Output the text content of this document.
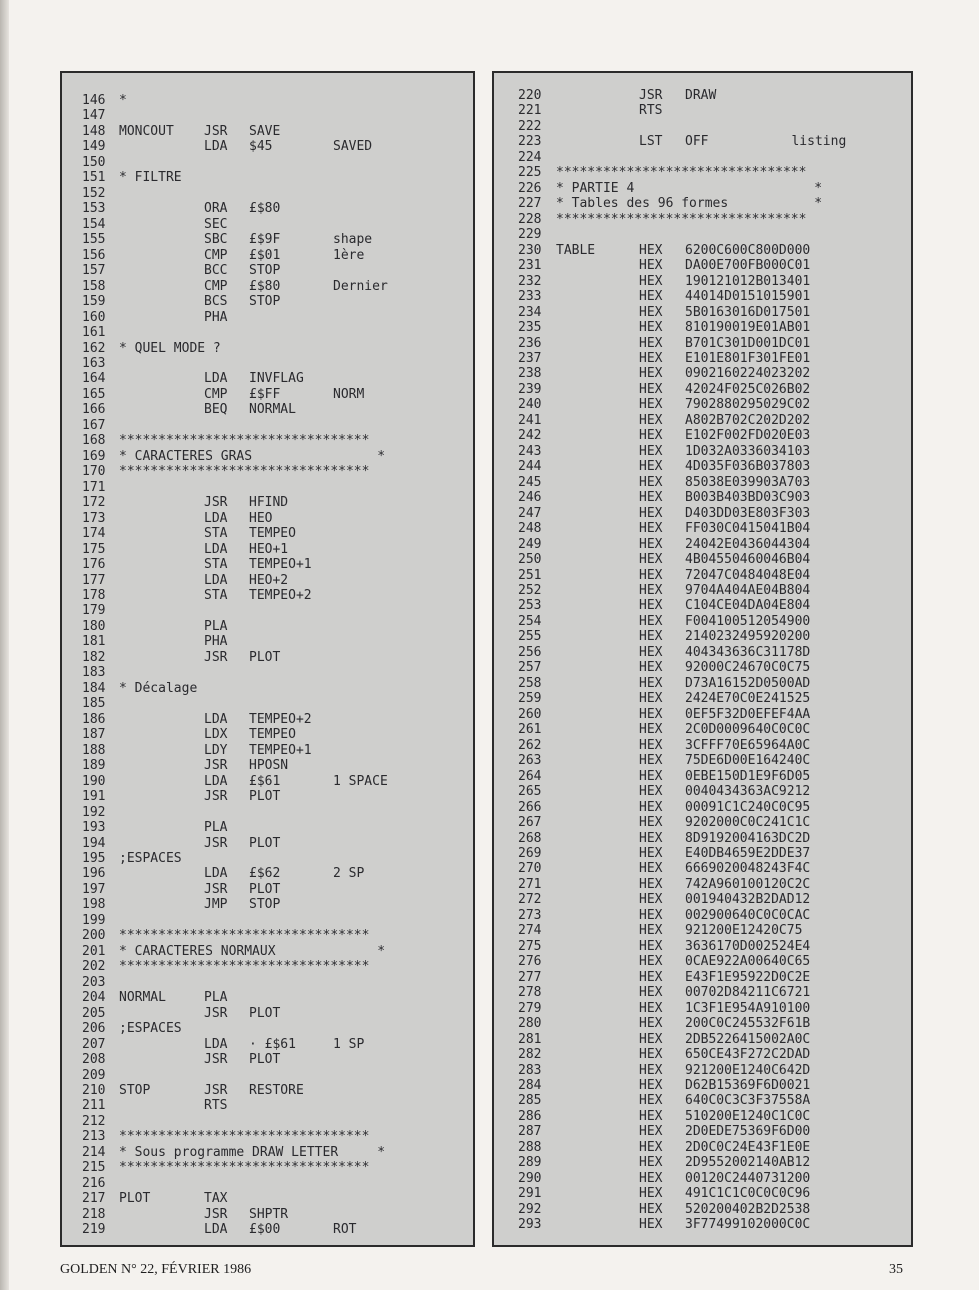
146 *
147
148 MONCOUT JSR SAVE
149	LDA $45	SAVED
150
151 * FILTRE
152
153	ORA £$80
154	SEC
155	SBC £$9F	shape
156	CMP £$01	1ère
157	BCC STOP
158	CMP £$80	Dernier
159	BCS STOP
160	PHA
161
162 * QUEL MODE ?
163
164	LDA INVFLAG
165	CMP £$FF	NORM
166	BEQ NORMAL
167
168 ********************************
169 * CARACTERES GRAS                *
170 ********************************
171
172	JSR HFIND
173	LDA HEO
174	STA TEMPEO
175	LDA HEO+1
176	STA TEMPEO+1
177	LDA HEO+2
178	STA TEMPEO+2
179
180	PLA
181	PHA
182	JSR PLOT
183
184 * Décalage
185
186	LDA TEMPEO+2
187	LDX TEMPEO
188	LDY TEMPEO+1
189	JSR HPOSN
190	LDA £$61	1 SPACE
191	JSR PLOT
192
193	PLA
194	JSR PLOT
195 ;ESPACES
196	LDA £$62	2 SP
197	JSR PLOT
198	JMP STOP
199
200 ********************************
201 * CARACTERES NORMAUX             *
202 ********************************
203
204 NORMAL	PLA
205	JSR PLOT
206 ;ESPACES
207	LDA · £$61	1 SP
208	JSR PLOT
209
210 STOP	JSR RESTORE
211	RTS
212
213 ********************************
214 * Sous programme DRAW LETTER     *
215 ********************************
216
217 PLOT	TAX
218	JSR SHPTR
219	LDA £$00	ROT
220	JSR DRAW
221	RTS
222
223	LST OFF	listing
224
225 ********************************
226 * PARTIE 4                       *
227 * Tables des 96 formes           *
228 ********************************
229
230 TABLE	HEX 6200C600C800D000
231	HEX DA00E700FB000C01
232	HEX 190121012B013401
233	HEX 44014D0151015901
234	HEX 5B0163016D017501
235	HEX 810190019E01AB01
236	HEX B701C301D001DC01
237	HEX E101E801F301FE01
238	HEX 0902160224023202
239	HEX 42024F025C026B02
240	HEX 7902880295029C02
241	HEX A802B702C202D202
242	HEX E102F002FD020E03
243	HEX 1D032A0336034103
244	HEX 4D035F036B037803
245	HEX 85038E039903A703
246	HEX B003B403BD03C903
247	HEX D403DD03E803F303
248	HEX FF030C0415041B04
249	HEX 24042E0436044304
250	HEX 4B04550460046B04
251	HEX 72047C0484048E04
252	HEX 9704A404AE04B804
253	HEX C104CE04DA04E804
254	HEX F004100512054900
255	HEX 2140232495920200
256	HEX 404343636C31178D
257	HEX 92000C24670C0C75
258	HEX D73A16152D0500AD
259	HEX 2424E70C0E241525
260	HEX 0EF5F32D0EFEF4AA
261	HEX 2C0D0009640C0C0C
262	HEX 3CFFF70E65964A0C
263	HEX 75DE6D00E164240C
264	HEX 0EBE150D1E9F6D05
265	HEX 0040434363AC9212
266	HEX 00091C1C240C0C95
267	HEX 9202000C0C241C1C
268	HEX 8D9192004163DC2D
269	HEX E40DB4659E2DDE37
270	HEX 6669020048243F4C
271	HEX 742A960100120C2C
272	HEX 001940432B2DAD12
273	HEX 002900640C0C0CAC
274	HEX 921200E12420C75
275	HEX 3636170D002524E4
276	HEX 0CAE922A00640C65
277	HEX E43F1E95922D0C2E
278	HEX 00702D84211C6721
279	HEX 1C3F1E954A910100
280	HEX 200C0C245532F61B
281	HEX 2DB5226415002A0C
282	HEX 650CE43F272C2DAD
283	HEX 921200E1240C642D
284	HEX D62B15369F6D0021
285	HEX 640C0C3C3F37558A
286	HEX 510200E1240C1C0C
287	HEX 2D0EDE75369F6D00
288	HEX 2D0C0C24E43F1E0E
289	HEX 2D9552002140AB12
290	HEX 00120C2440731200
291	HEX 491C1C1C0C0C0C96
292	HEX 520200402B2D2538
293	HEX 3F77499102000C0C
GOLDEN N° 22, FÉVRIER 1986	35
